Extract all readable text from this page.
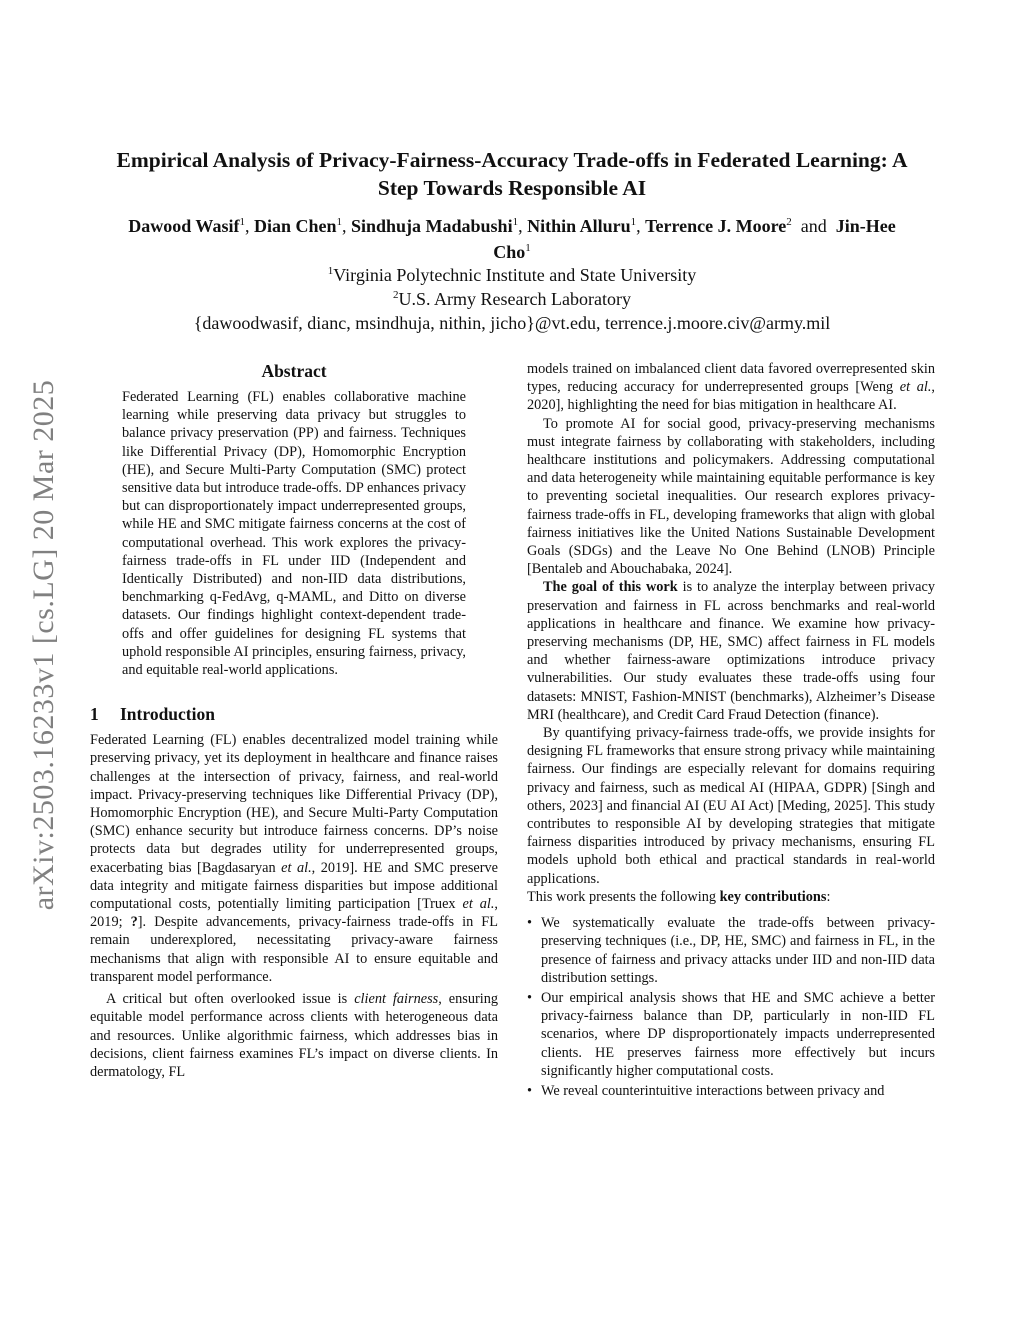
arXiv:2503.16233v1 [cs.LG] 20 Mar 2025
Empirical Analysis of Privacy-Fairness-Accuracy Trade-offs in Federated Learning: A Step Towards Responsible AI
Dawood Wasif$^1$, Dian Chen$^1$, Sindhuja Madabushi$^1$, Nithin Alluru$^1$, Terrence J. Moore$^2$ and Jin-Hee Cho$^1$
$^1$Virginia Polytechnic Institute and State University
$^2$U.S. Army Research Laboratory
{dawoodwasif, dianc, msindhuja, nithin, jicho}@vt.edu, terrence.j.moore.civ@army.mil
Abstract

Federated Learning (FL) enables collaborative machine learning while preserving data privacy but struggles to balance privacy preservation (PP) and fairness. Techniques like Differential Privacy (DP), Homomorphic Encryption (HE), and Secure Multi-Party Computation (SMC) protect sensitive data but introduce trade-offs. DP enhances privacy but can disproportionately impact underrepresented groups, while HE and SMC mitigate fairness concerns at the cost of computational overhead. This work explores the privacy-fairness trade-offs in FL under IID (Independent and Identically Distributed) and non-IID data distributions, benchmarking q-FedAvg, q-MAML, and Ditto on diverse datasets. Our findings highlight context-dependent trade-offs and offer guidelines for designing FL systems that uphold responsible AI principles, ensuring fairness, privacy, and equitable real-world applications.

1 Introduction

Federated Learning (FL) enables decentralized model training while preserving privacy, yet its deployment in healthcare and finance raises challenges at the intersection of privacy, fairness, and real-world impact. Privacy-preserving techniques like Differential Privacy (DP), Homomorphic Encryption (HE), and Secure Multi-Party Computation (SMC) enhance security but introduce fairness concerns. DP’s noise protects data but degrades utility for underrepresented groups, exacerbating bias [Bagdasaryan et al., 2019]. HE and SMC preserve data integrity and mitigate fairness disparities but impose additional computational costs, potentially limiting participation [Truex et al., 2019; ?]. Despite advancements, privacy-fairness trade-offs in FL remain underexplored, necessitating privacy-aware fairness mechanisms that align with responsible AI to ensure equitable and transparent model performance.

A critical but often overlooked issue is client fairness, ensuring equitable model performance across clients with heterogeneous data and resources. Unlike algorithmic fairness, which addresses bias in decisions, client fairness examines FL’s impact on diverse clients. In dermatology, FL

models trained on imbalanced client data favored overrepresented skin types, reducing accuracy for underrepresented groups [Weng et al., 2020], highlighting the need for bias mitigation in healthcare AI.

To promote AI for social good, privacy-preserving mechanisms must integrate fairness by collaborating with stakeholders, including healthcare institutions and policymakers. Addressing computational and data heterogeneity while maintaining equitable performance is key to preventing societal inequalities. Our research explores privacy-fairness trade-offs in FL, developing frameworks that align with global fairness initiatives like the United Nations Sustainable Development Goals (SDGs) and the Leave No One Behind (LNOB) Principle [Bentaleb and Abouchabaka, 2024].

The goal of this work is to analyze the interplay between privacy preservation and fairness in FL across benchmarks and real-world applications in healthcare and finance. We examine how privacy-preserving mechanisms (DP, HE, SMC) affect fairness in FL models and whether fairness-aware optimizations introduce privacy vulnerabilities. Our study evaluates these trade-offs using four datasets: MNIST, Fashion-MNIST (benchmarks), Alzheimer’s Disease MRI (healthcare), and Credit Card Fraud Detection (finance).

By quantifying privacy-fairness trade-offs, we provide insights for designing FL frameworks that ensure strong privacy while maintaining fairness. Our findings are especially relevant for domains requiring privacy and fairness, such as medical AI (HIPAA, GDPR) [Singh and others, 2023] and financial AI (EU AI Act) [Meding, 2025]. This study contributes to responsible AI by developing strategies that mitigate fairness disparities introduced by privacy mechanisms, ensuring FL models uphold both ethical and practical standards in real-world applications.

This work presents the following key contributions:

• We systematically evaluate the trade-offs between privacy-preserving techniques (i.e., DP, HE, SMC) and fairness in FL, in the presence of fairness and privacy attacks under IID and non-IID data distribution settings.
• Our empirical analysis shows that HE and SMC achieve a better privacy-fairness balance than DP, particularly in non-IID FL scenarios, where DP disproportionately impacts underrepresented clients. HE preserves fairness more effectively but incurs significantly higher computational costs.
• We reveal counterintuitive interactions between privacy and
